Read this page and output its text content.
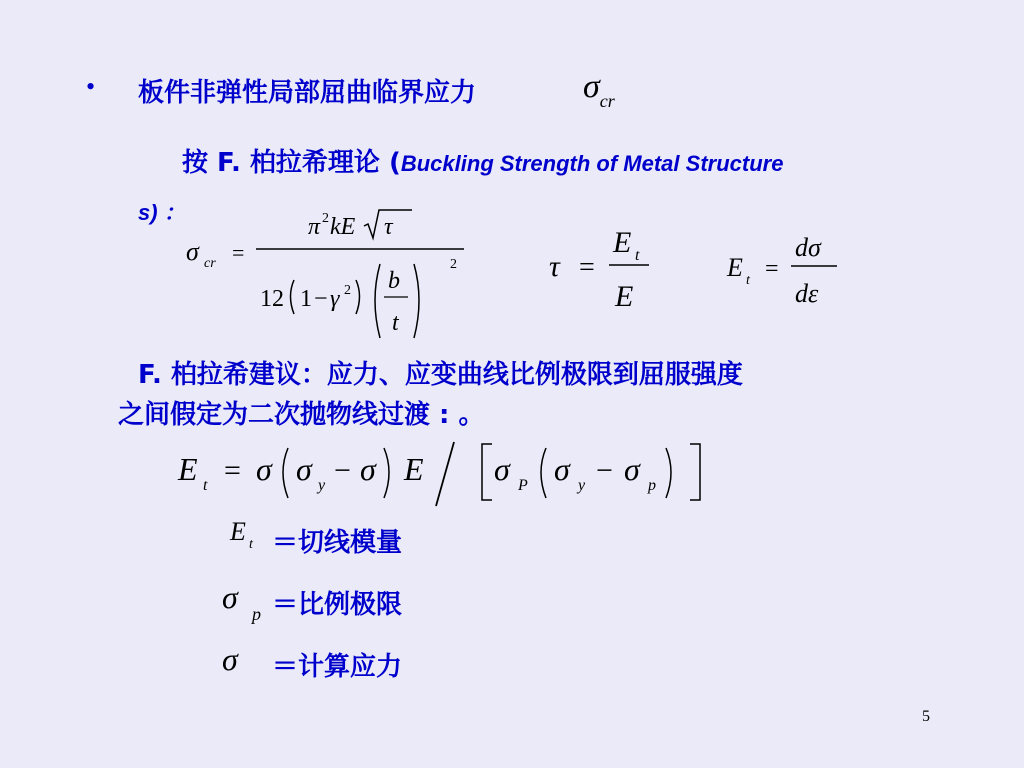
• 板件非弹性局部屈曲临界应力	$\sigma_{cr}$
按 F. 柏拉希理论 (Buckling Strength of Metal Structure
s) ：
σ cr =
π 2 kE τ
12 1 − γ 2 b
t
2	τ =
E t
E
E t =
dσ
dε
F. 柏拉希建议：应力、应变曲线比例极限到屈服强度
之间假定为二次抛物线过渡 : 。
E t = σ σ y − σ E σ P σ y − σ p
E t ＝切线模量
σ p ＝比例极限
σ ＝计算应力
5
